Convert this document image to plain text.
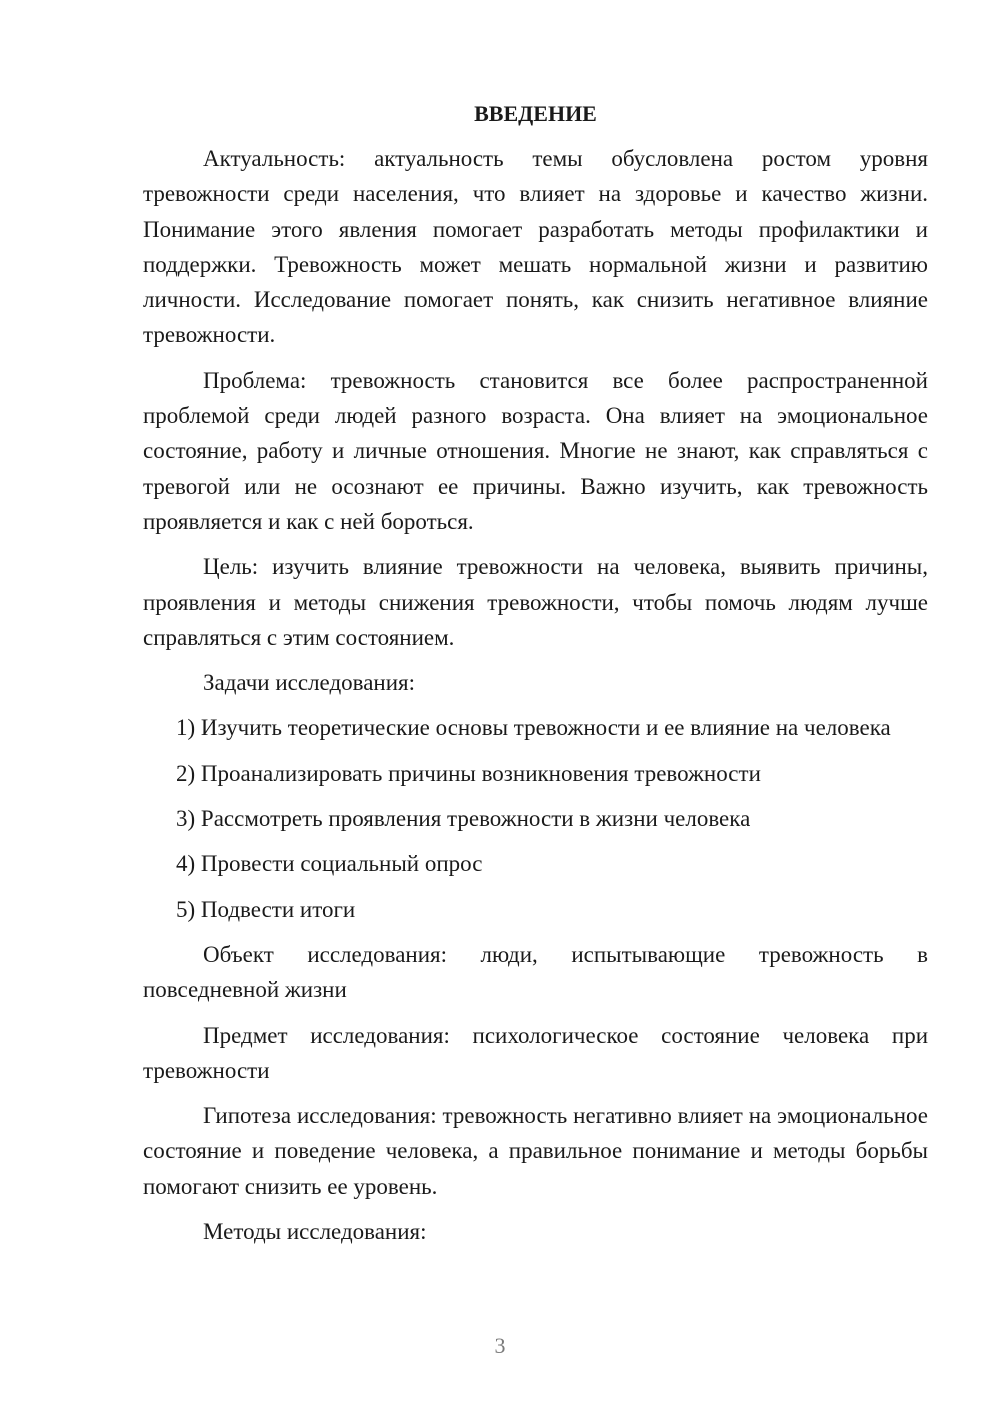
ВВЕДЕНИЕ

Актуальность: актуальность темы обусловлена ростом уровня тревожности среди населения, что влияет на здоровье и качество жизни. Понимание этого явления помогает разработать методы профилактики и поддержки. Тревожность может мешать нормальной жизни и развитию личности. Исследование помогает понять, как снизить негативное влияние тревожности.

Проблема: тревожность становится все более распространенной проблемой среди людей разного возраста. Она влияет на эмоциональное состояние, работу и личные отношения. Многие не знают, как справляться с тревогой или не осознают ее причины. Важно изучить, как тревожность проявляется и как с ней бороться.

Цель: изучить влияние тревожности на человека, выявить причины, проявления и методы снижения тревожности, чтобы помочь людям лучше справляться с этим состоянием.

Задачи исследования:

1) Изучить теоретические основы тревожности и ее влияние на человека

2) Проанализировать причины возникновения тревожности

3) Рассмотреть проявления тревожности в жизни человека

4) Провести социальный опрос

5) Подвести итоги

Объект исследования: люди, испытывающие тревожность в повседневной жизни

Предмет исследования: психологическое состояние человека при тревожности

Гипотеза исследования: тревожность негативно влияет на эмоциональное состояние и поведение человека, а правильное понимание и методы борьбы помогают снизить ее уровень.

Методы исследования:

3
